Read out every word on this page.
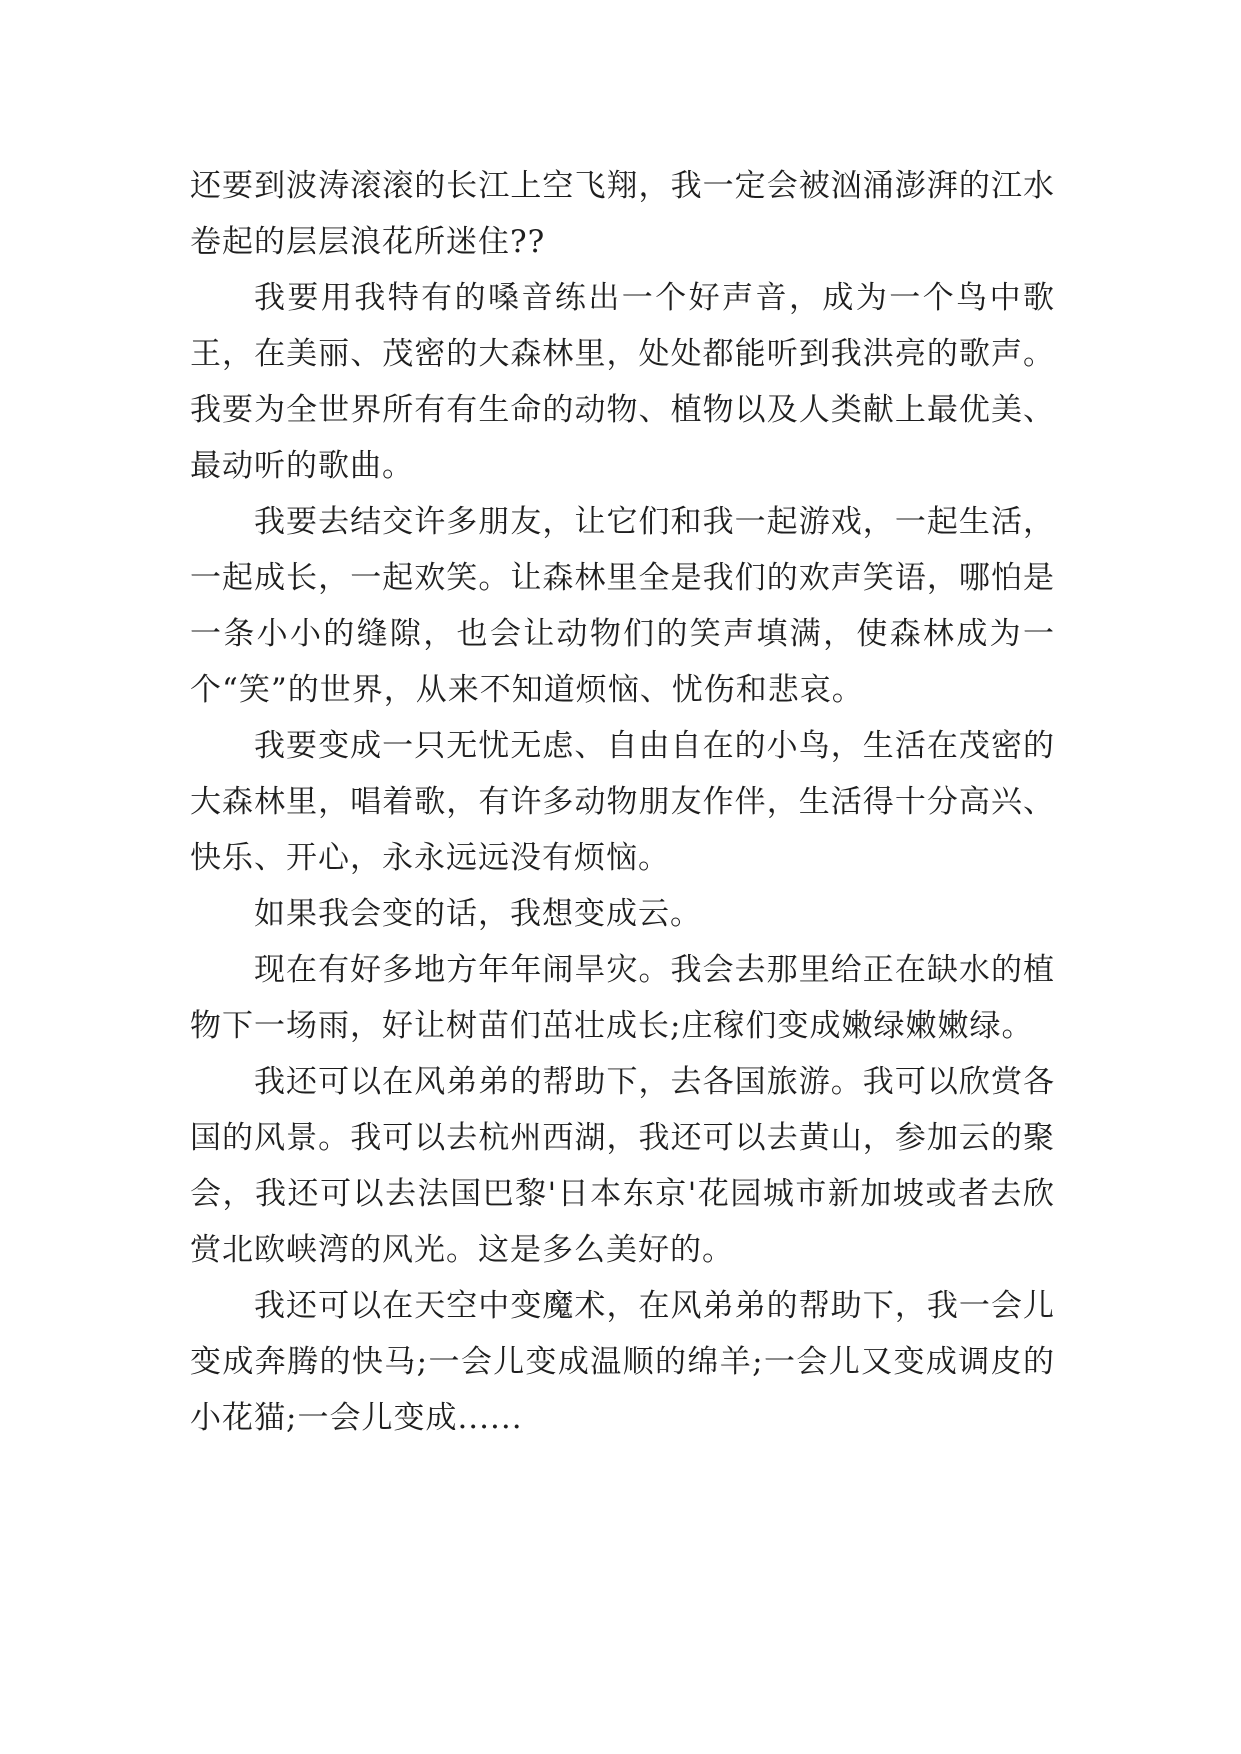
还要到波涛滚滚的长江上空飞翔，我一定会被汹涌澎湃的江水卷起的层层浪花所迷住??

我要用我特有的嗓音练出一个好声音，成为一个鸟中歌王，在美丽、茂密的大森林里，处处都能听到我洪亮的歌声。我要为全世界所有有生命的动物、植物以及人类献上最优美、最动听的歌曲。

我要去结交许多朋友，让它们和我一起游戏，一起生活，一起成长，一起欢笑。让森林里全是我们的欢声笑语，哪怕是一条小小的缝隙，也会让动物们的笑声填满，使森林成为一个“笑”的世界，从来不知道烦恼、忧伤和悲哀。

我要变成一只无忧无虑、自由自在的小鸟，生活在茂密的大森林里，唱着歌，有许多动物朋友作伴，生活得十分高兴、快乐、开心，永永远远没有烦恼。

如果我会变的话，我想变成云。

现在有好多地方年年闹旱灾。我会去那里给正在缺水的植物下一场雨，好让树苗们茁壮成长;庄稼们变成嫩绿嫩嫩绿。

我还可以在风弟弟的帮助下，去各国旅游。我可以欣赏各国的风景。我可以去杭州西湖，我还可以去黄山，参加云的聚会，我还可以去法国巴黎'日本东京'花园城市新加坡或者去欣赏北欧峡湾的风光。这是多么美好的。

我还可以在天空中变魔术，在风弟弟的帮助下，我一会儿变成奔腾的快马;一会儿变成温顺的绵羊;一会儿又变成调皮的小花猫;一会儿变成......
